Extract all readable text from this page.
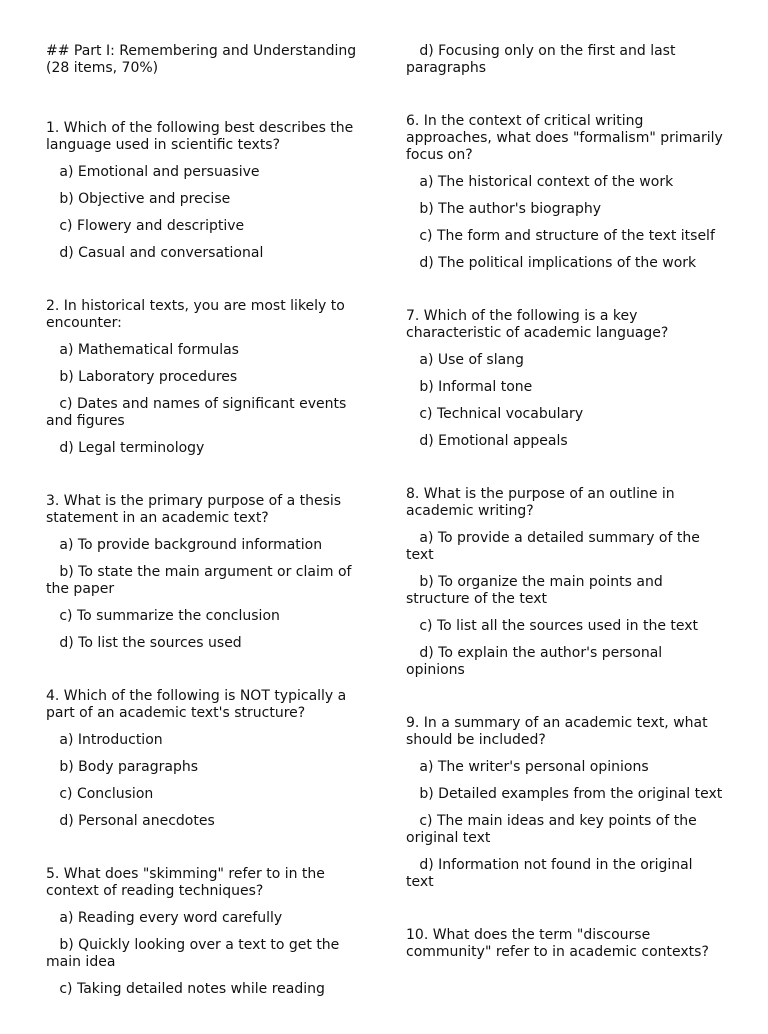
## Part I: Remembering and Understanding (28 items, 70%)
1. Which of the following best describes the language used in scientific texts?
a) Emotional and persuasive
b) Objective and precise
c) Flowery and descriptive
d) Casual and conversational
2. In historical texts, you are most likely to encounter:
a) Mathematical formulas
b) Laboratory procedures
c) Dates and names of significant events and figures
d) Legal terminology
3. What is the primary purpose of a thesis statement in an academic text?
a) To provide background information
b) To state the main argument or claim of the paper
c) To summarize the conclusion
d) To list the sources used
4. Which of the following is NOT typically a part of an academic text's structure?
a) Introduction
b) Body paragraphs
c) Conclusion
d) Personal anecdotes
5. What does "skimming" refer to in the context of reading techniques?
a) Reading every word carefully
b) Quickly looking over a text to get the main idea
c) Taking detailed notes while reading
d) Focusing only on the first and last paragraphs
6. In the context of critical writing approaches, what does "formalism" primarily focus on?
a) The historical context of the work
b) The author's biography
c) The form and structure of the text itself
d) The political implications of the work
7. Which of the following is a key characteristic of academic language?
a) Use of slang
b) Informal tone
c) Technical vocabulary
d) Emotional appeals
8. What is the purpose of an outline in academic writing?
a) To provide a detailed summary of the text
b) To organize the main points and structure of the text
c) To list all the sources used in the text
d) To explain the author's personal opinions
9. In a summary of an academic text, what should be included?
a) The writer's personal opinions
b) Detailed examples from the original text
c) The main ideas and key points of the original text
d) Information not found in the original text
10. What does the term "discourse community" refer to in academic contexts?
